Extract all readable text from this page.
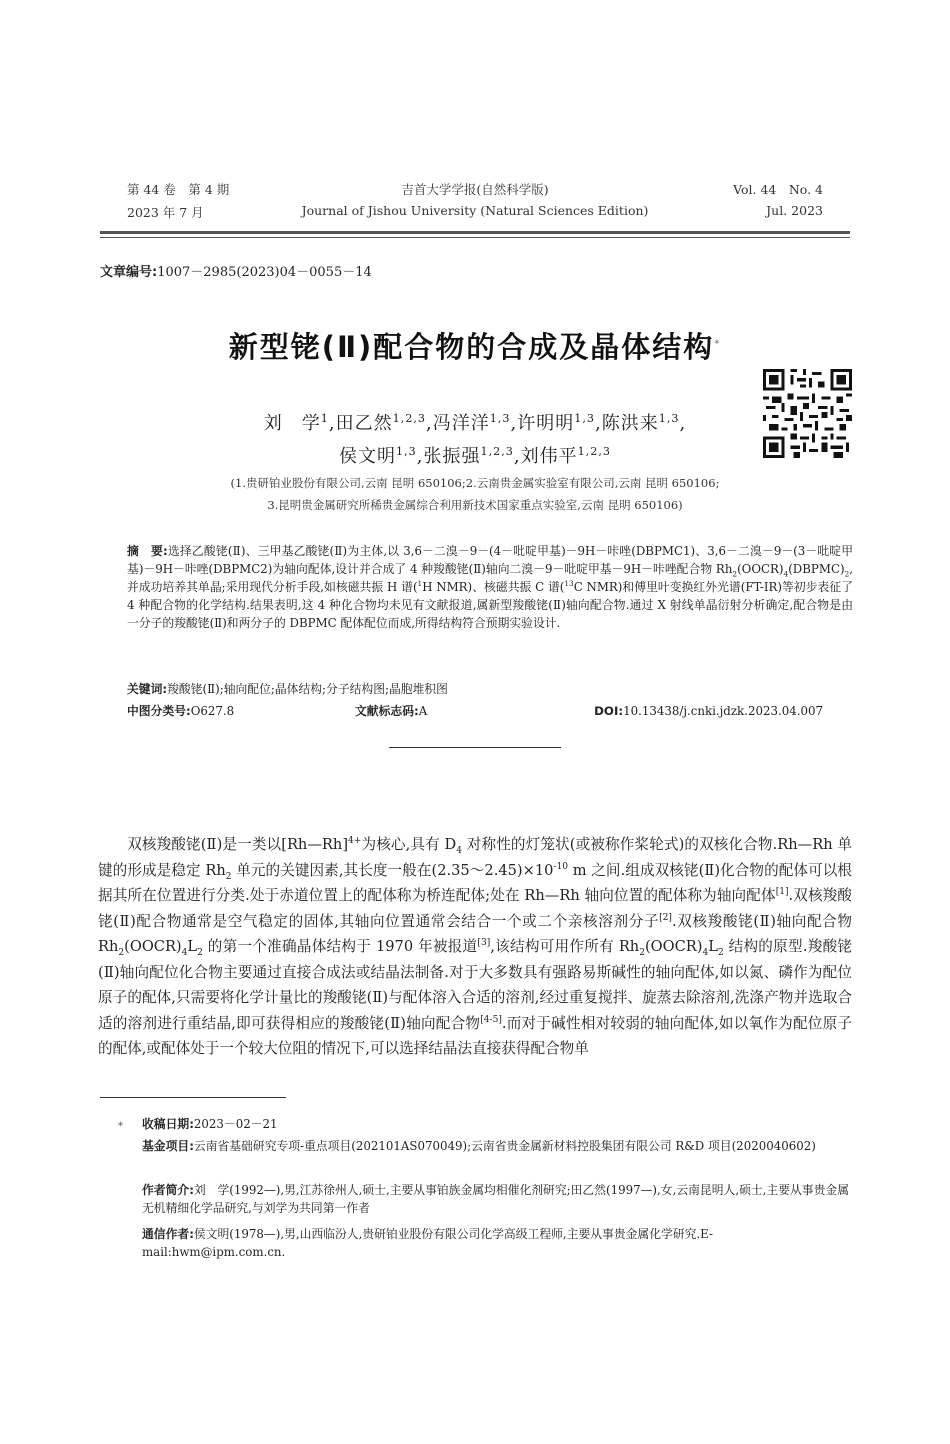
第 44 卷　第 4 期
2023 年 7 月
吉首大学学报(自然科学版)
Journal of Jishou University (Natural Sciences Edition)
Vol. 44　No. 4
Jul. 2023
文章编号:1007－2985(2023)04－0055－14
新型铑(Ⅱ)配合物的合成及晶体结构*
刘　学$^1$,田乙然$^{1,2,3}$,冯洋洋$^{1,3}$,许明明$^{1,3}$,陈洪来$^{1,3}$,
侯文明$^{1,3}$,张振强$^{1,2,3}$,刘伟平$^{1,2,3}$
(1.贵研铂业股份有限公司,云南 昆明 650106;2.云南贵金属实验室有限公司,云南 昆明 650106;
3.昆明贵金属研究所稀贵金属综合利用新技术国家重点实验室,云南 昆明 650106)
摘　要:选择乙酸铑(Ⅱ)、三甲基乙酸铑(Ⅱ)为主体,以 3,6－二溴－9－(4－吡啶甲基)－9H－咔唑(DBPMC1)、3,6－二溴－9－(3－吡啶甲基)－9H－咔唑(DBPMC2)为轴向配体,设计并合成了 4 种羧酸铑(Ⅱ)轴向二溴－9－吡啶甲基－9H－咔唑配合物 $Rh_2(OOCR)_4(DBPMC)_2$,并成功培养其单晶;采用现代分析手段,如核磁共振 H 谱($^1$H NMR)、核磁共振 C 谱($^{13}$C NMR)和傅里叶变换红外光谱(FT-IR)等初步表征了 4 种配合物的化学结构.结果表明,这 4 种化合物均未见有文献报道,属新型羧酸铑(Ⅱ)轴向配合物.通过 X 射线单晶衍射分析确定,配合物是由一分子的羧酸铑(Ⅱ)和两分子的 DBPMC 配体配位而成,所得结构符合预期实验设计.
关键词:羧酸铑(Ⅱ);轴向配位;晶体结构;分子结构图;晶胞堆积图
中图分类号:O627.8	文献标志码:A	DOI:10.13438/j.cnki.jdzk.2023.04.007
双核羧酸铑(Ⅱ)是一类以[Rh—Rh]$^{4+}$为核心,具有 $D_4$ 对称性的灯笼状(或被称作桨轮式)的双核化合物.Rh—Rh 单键的形成是稳定 $Rh_2$ 单元的关键因素,其长度一般在$(2.35\sim 2.45)\times 10^{-10}$ m 之间.组成双核铑(Ⅱ)化合物的配体可以根据其所在位置进行分类.处于赤道位置上的配体称为桥连配体;处在 Rh—Rh 轴向位置的配体称为轴向配体[1].双核羧酸铑(Ⅱ)配合物通常是空气稳定的固体,其轴向位置通常会结合一个或二个亲核溶剂分子[2].双核羧酸铑(Ⅱ)轴向配合物 $Rh_2(OOCR)_4L_2$ 的第一个准确晶体结构于 1970 年被报道[3],该结构可用作所有 $Rh_2(OOCR)_4L_2$ 结构的原型.羧酸铑(Ⅱ)轴向配位化合物主要通过直接合成法或结晶法制备.对于大多数具有强路易斯碱性的轴向配体,如以氮、磷作为配位原子的配体,只需要将化学计量比的羧酸铑(Ⅱ)与配体溶入合适的溶剂,经过重复搅拌、旋蒸去除溶剂,洗涤产物并选取合适的溶剂进行重结晶,即可获得相应的羧酸铑(Ⅱ)轴向配合物[4-5].而对于碱性相对较弱的轴向配体,如以氧作为配位原子的配体,或配体处于一个较大位阻的情况下,可以选择结晶法直接获得配合物单
* 收稿日期:2023－02－21
基金项目:云南省基础研究专项-重点项目(202101AS070049);云南省贵金属新材料控股集团有限公司 R&D 项目(2020040602)
作者简介:刘　学(1992—),男,江苏徐州人,硕士,主要从事铂族金属均相催化剂研究;田乙然(1997—),女,云南昆明人,硕士,主要从事贵金属无机精细化学品研究,与刘学为共同第一作者
通信作者:侯文明(1978—),男,山西临汾人,贵研铂业股份有限公司化学高级工程师,主要从事贵金属化学研究.E-mail:hwm@ipm.com.cn.
